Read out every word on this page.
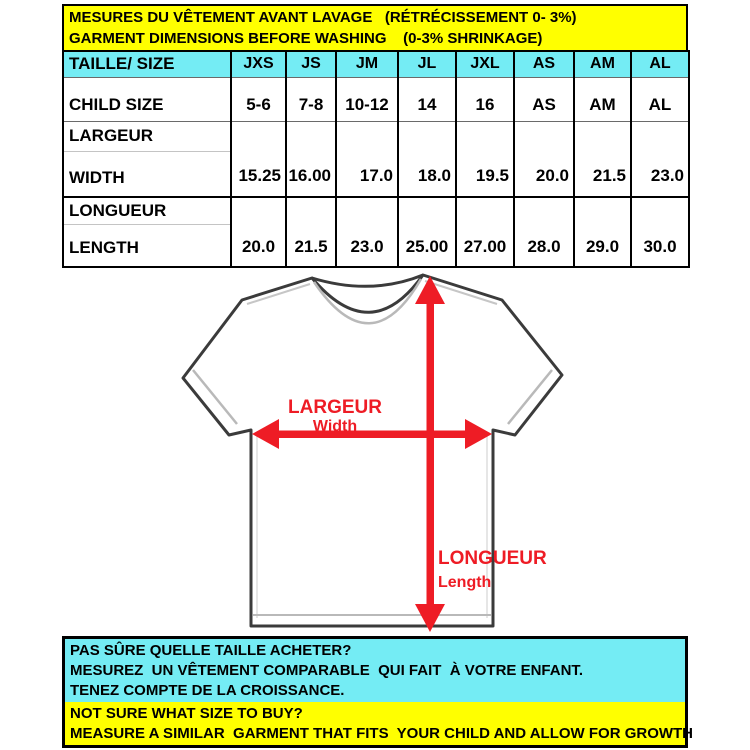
MESURES DU VÊTEMENT AVANT LAVAGE   (RÉTRÉCISSEMENT 0- 3%)
GARMENT DIMENSIONS BEFORE WASHING    (0-3% SHRINKAGE)
TAILLE/ SIZE	JXS	JS	JM	JL	JXL	AS	AM	AL
CHILD SIZE	5-6	7-8	10-12	14	16	AS	AM	AL
LARGEUR	15.25	16.00	17.0	18.0	19.5	20.0	21.5	23.0
WIDTH								
LONGUEUR	20.0	21.5	23.0	25.00	27.00	28.0	29.0	30.0
LENGTH								
LARGEUR
Width
LONGUEUR
Length
PAS SÛRE QUELLE TAILLE ACHETER?
MESUREZ  UN VÊTEMENT COMPARABLE  QUI FAIT  À VOTRE ENFANT.
TENEZ COMPTE DE LA CROISSANCE.
NOT SURE WHAT SIZE TO BUY?
MEASURE A SIMILAR  GARMENT THAT FITS  YOUR CHILD AND ALLOW FOR GROWTH
